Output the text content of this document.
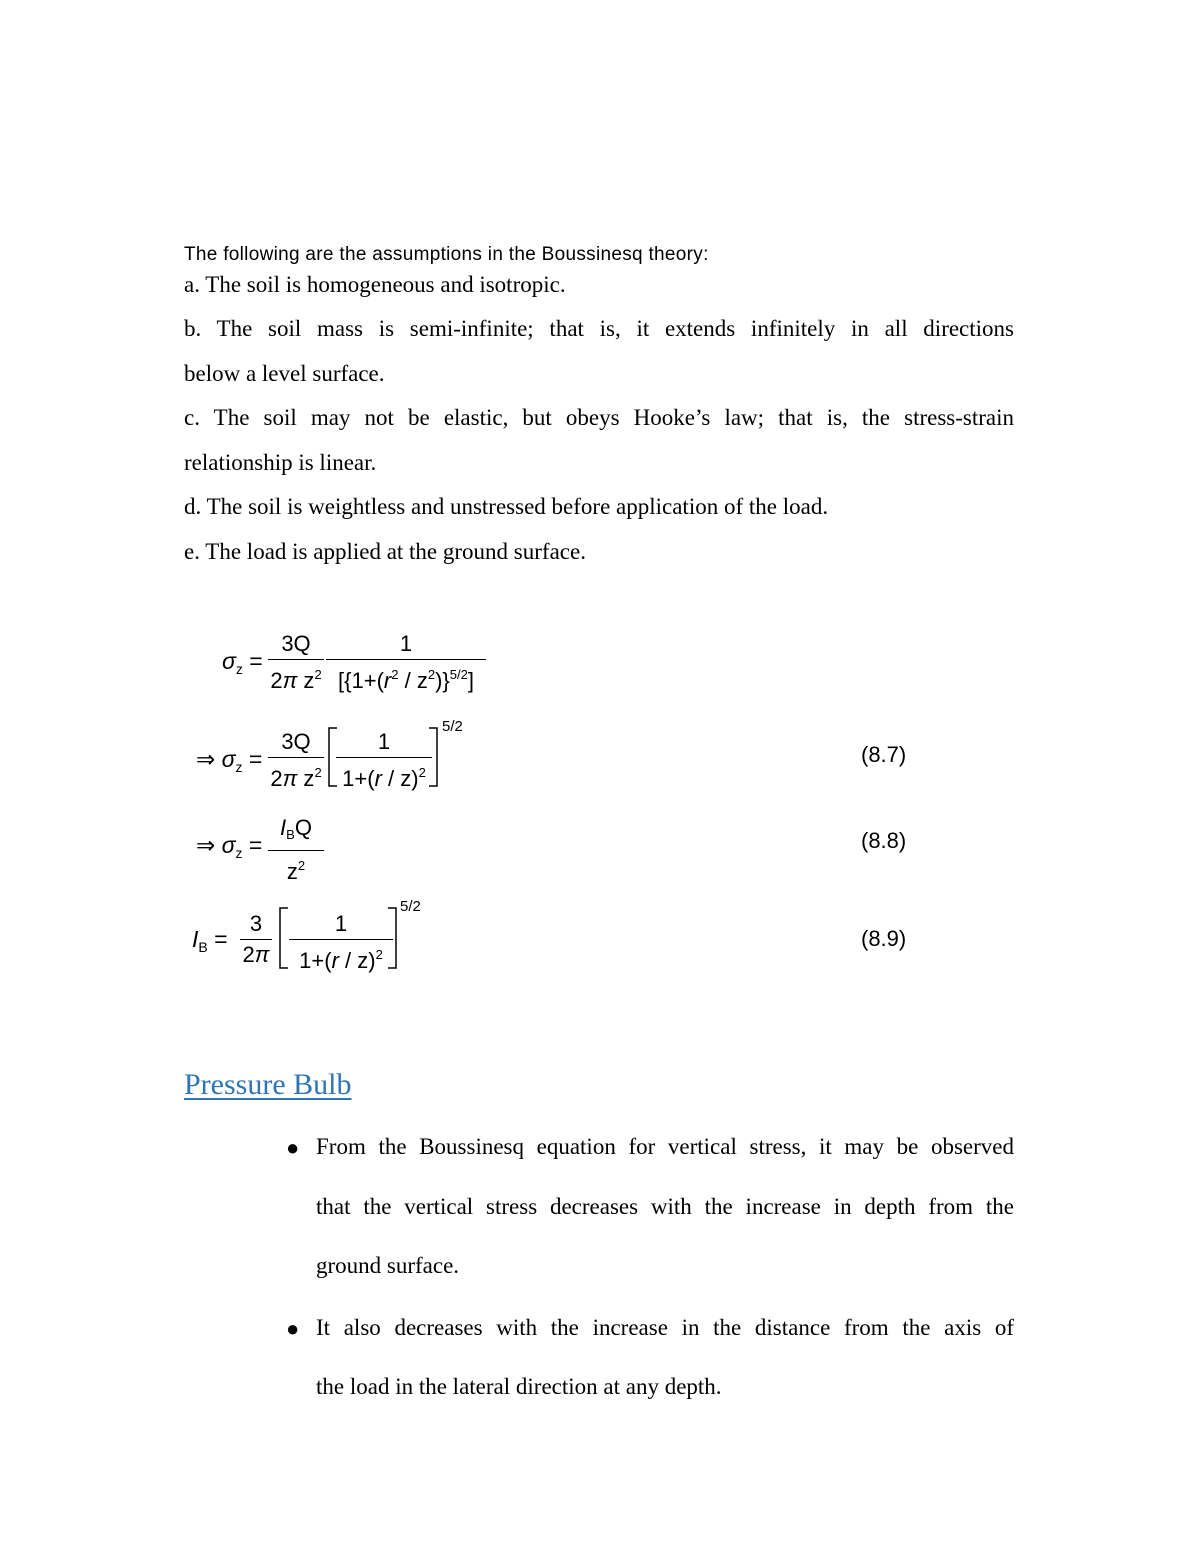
The following are the assumptions in the Boussinesq theory:
a. The soil is homogeneous and isotropic.
b. The soil mass is semi-infinite; that is, it extends infinitely in all directions
below a level surface.
c. The soil may not be elastic, but obeys Hooke’s law; that is, the stress-strain
relationship is linear.
d. The soil is weightless and unstressed before application of the load.
e. The load is applied at the ground surface.
$\sigma_z$ =
3Q
2π $z^2$
1
$[\{1+(r^2 / z^2)\}^{5/2}]$
⇒ $\sigma_z$ =
3Q
2π $z^2$
1
1+(r / z)$^2$
5/2
(8.7)
⇒ $\sigma_z$ =
$I_BQ$
$z^2$
(8.8)
$I_B$ =
3
2π
1
1+(r / z)$^2$
5/2
(8.9)
Pressure Bulb
● From the Boussinesq equation for vertical stress, it may be observed
that the vertical stress decreases with the increase in depth from the
ground surface.
● It also decreases with the increase in the distance from the axis of
the load in the lateral direction at any depth.
